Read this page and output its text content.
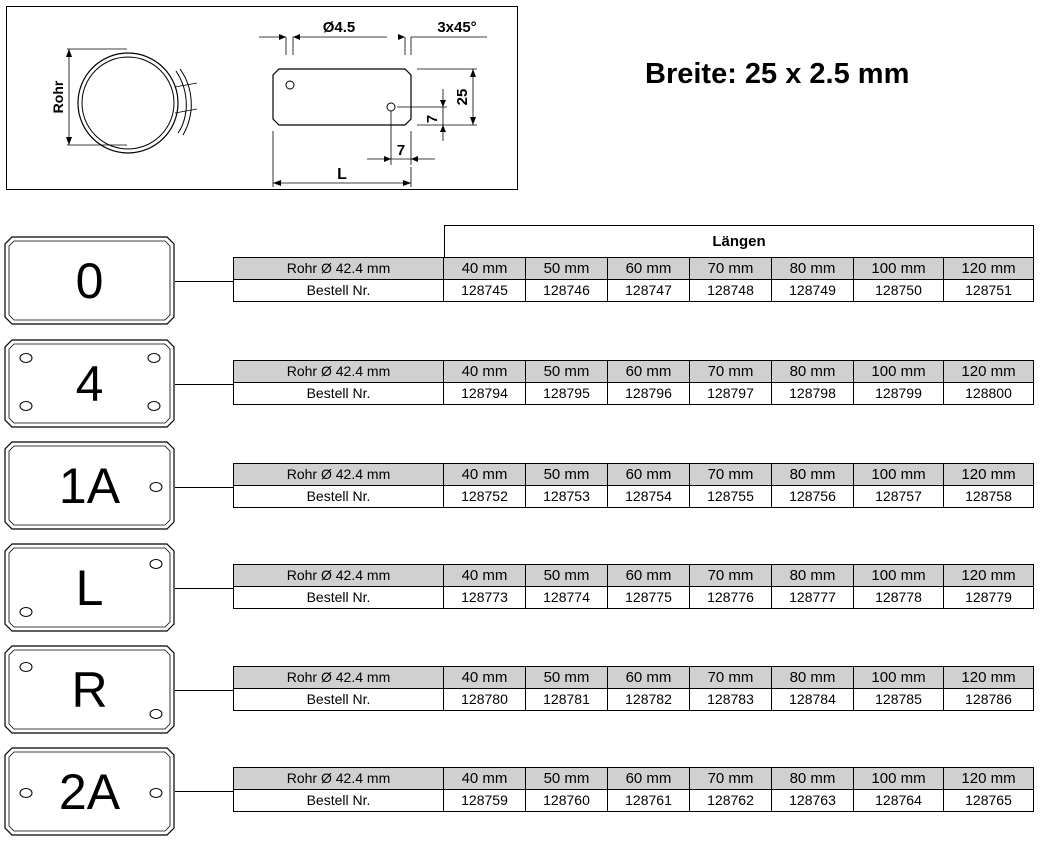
Rohr
Ø4.5	3x45°
25
7
7
L
Breite: 25 x 2.5 mm
Längen
0	Rohr Ø 42.4 mm	40 mm	50 mm	60 mm	70 mm	80 mm	100 mm	120 mm
Bestell Nr.	128745	128746	128747	128748	128749	128750	128751
4	Rohr Ø 42.4 mm	40 mm	50 mm	60 mm	70 mm	80 mm	100 mm	120 mm
Bestell Nr.	128794	128795	128796	128797	128798	128799	128800
1A	Rohr Ø 42.4 mm	40 mm	50 mm	60 mm	70 mm	80 mm	100 mm	120 mm
Bestell Nr.	128752	128753	128754	128755	128756	128757	128758
L	Rohr Ø 42.4 mm	40 mm	50 mm	60 mm	70 mm	80 mm	100 mm	120 mm
Bestell Nr.	128773	128774	128775	128776	128777	128778	128779
R	Rohr Ø 42.4 mm	40 mm	50 mm	60 mm	70 mm	80 mm	100 mm	120 mm
Bestell Nr.	128780	128781	128782	128783	128784	128785	128786
2A	Rohr Ø 42.4 mm	40 mm	50 mm	60 mm	70 mm	80 mm	100 mm	120 mm
Bestell Nr.	128759	128760	128761	128762	128763	128764	128765
